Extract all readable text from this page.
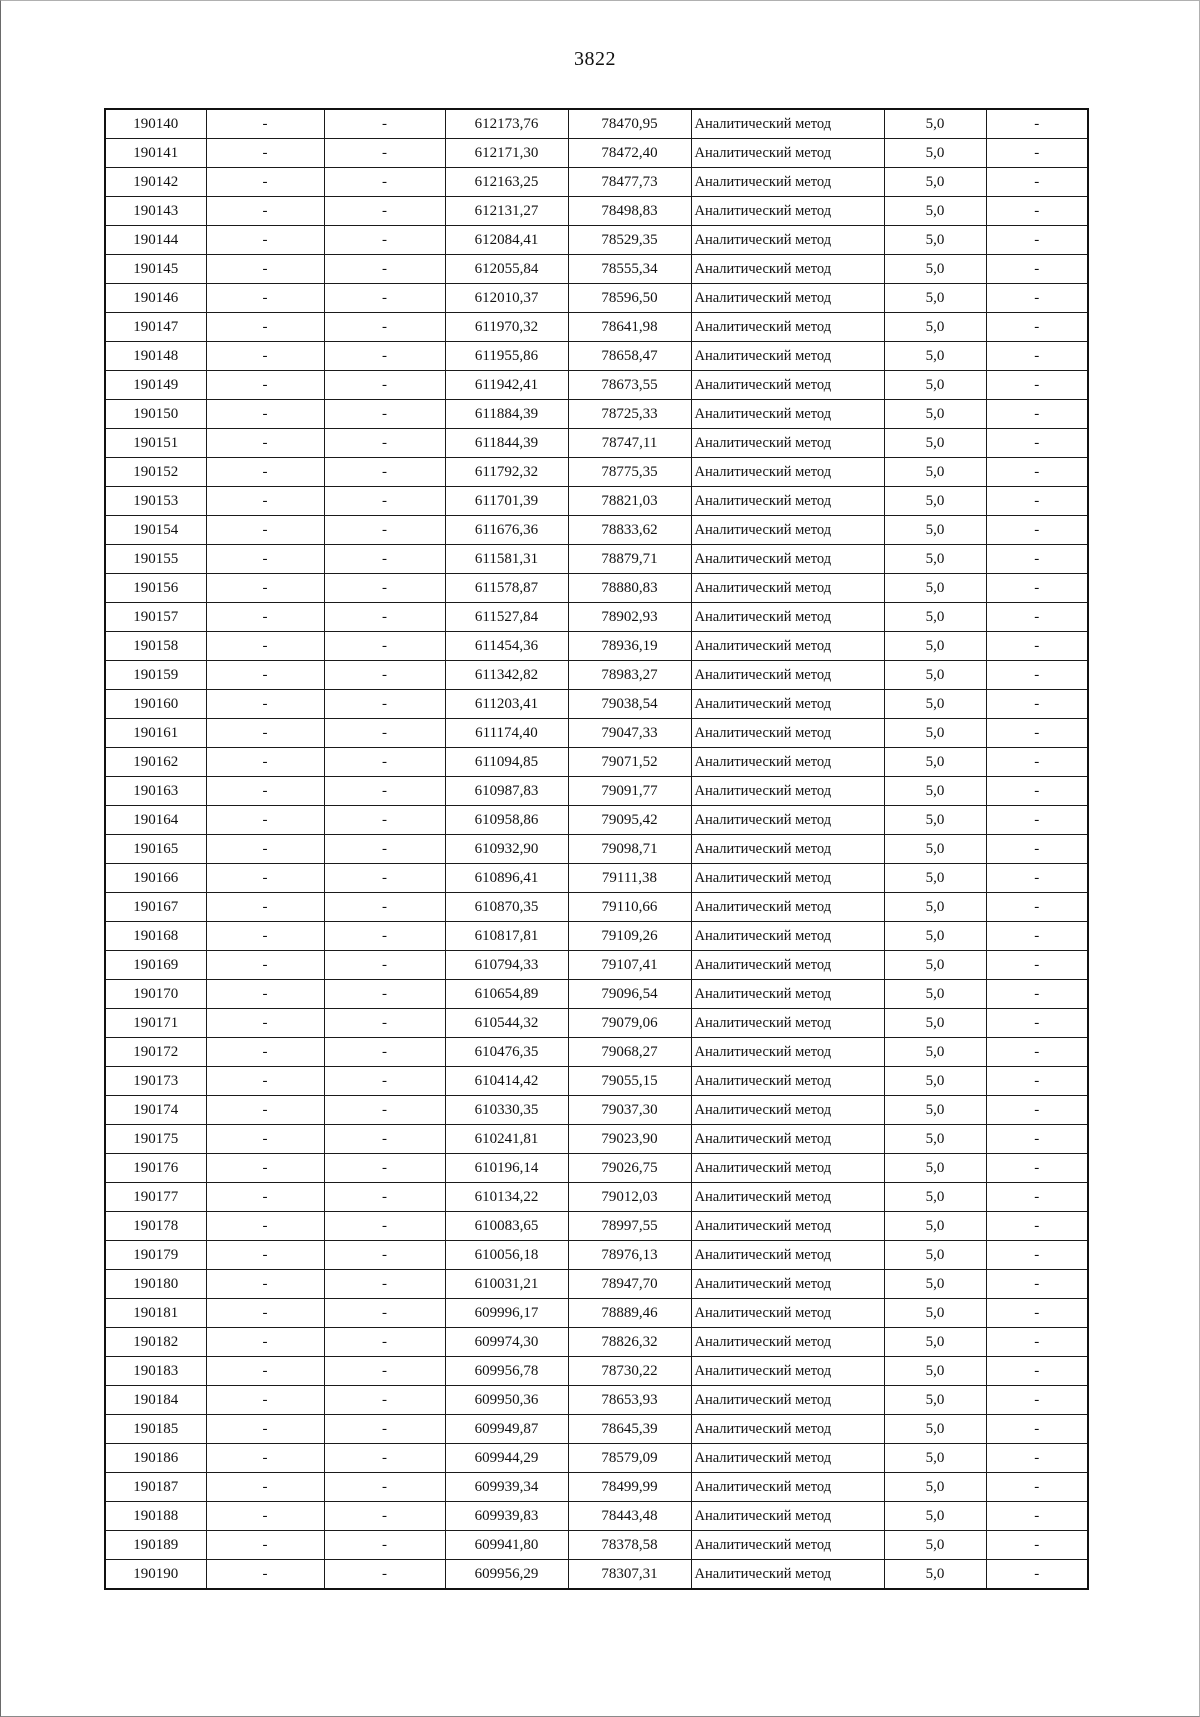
3822
190140	-	-	612173,76	78470,95	Аналитический метод	5,0	-
190141	-	-	612171,30	78472,40	Аналитический метод	5,0	-
190142	-	-	612163,25	78477,73	Аналитический метод	5,0	-
190143	-	-	612131,27	78498,83	Аналитический метод	5,0	-
190144	-	-	612084,41	78529,35	Аналитический метод	5,0	-
190145	-	-	612055,84	78555,34	Аналитический метод	5,0	-
190146	-	-	612010,37	78596,50	Аналитический метод	5,0	-
190147	-	-	611970,32	78641,98	Аналитический метод	5,0	-
190148	-	-	611955,86	78658,47	Аналитический метод	5,0	-
190149	-	-	611942,41	78673,55	Аналитический метод	5,0	-
190150	-	-	611884,39	78725,33	Аналитический метод	5,0	-
190151	-	-	611844,39	78747,11	Аналитический метод	5,0	-
190152	-	-	611792,32	78775,35	Аналитический метод	5,0	-
190153	-	-	611701,39	78821,03	Аналитический метод	5,0	-
190154	-	-	611676,36	78833,62	Аналитический метод	5,0	-
190155	-	-	611581,31	78879,71	Аналитический метод	5,0	-
190156	-	-	611578,87	78880,83	Аналитический метод	5,0	-
190157	-	-	611527,84	78902,93	Аналитический метод	5,0	-
190158	-	-	611454,36	78936,19	Аналитический метод	5,0	-
190159	-	-	611342,82	78983,27	Аналитический метод	5,0	-
190160	-	-	611203,41	79038,54	Аналитический метод	5,0	-
190161	-	-	611174,40	79047,33	Аналитический метод	5,0	-
190162	-	-	611094,85	79071,52	Аналитический метод	5,0	-
190163	-	-	610987,83	79091,77	Аналитический метод	5,0	-
190164	-	-	610958,86	79095,42	Аналитический метод	5,0	-
190165	-	-	610932,90	79098,71	Аналитический метод	5,0	-
190166	-	-	610896,41	79111,38	Аналитический метод	5,0	-
190167	-	-	610870,35	79110,66	Аналитический метод	5,0	-
190168	-	-	610817,81	79109,26	Аналитический метод	5,0	-
190169	-	-	610794,33	79107,41	Аналитический метод	5,0	-
190170	-	-	610654,89	79096,54	Аналитический метод	5,0	-
190171	-	-	610544,32	79079,06	Аналитический метод	5,0	-
190172	-	-	610476,35	79068,27	Аналитический метод	5,0	-
190173	-	-	610414,42	79055,15	Аналитический метод	5,0	-
190174	-	-	610330,35	79037,30	Аналитический метод	5,0	-
190175	-	-	610241,81	79023,90	Аналитический метод	5,0	-
190176	-	-	610196,14	79026,75	Аналитический метод	5,0	-
190177	-	-	610134,22	79012,03	Аналитический метод	5,0	-
190178	-	-	610083,65	78997,55	Аналитический метод	5,0	-
190179	-	-	610056,18	78976,13	Аналитический метод	5,0	-
190180	-	-	610031,21	78947,70	Аналитический метод	5,0	-
190181	-	-	609996,17	78889,46	Аналитический метод	5,0	-
190182	-	-	609974,30	78826,32	Аналитический метод	5,0	-
190183	-	-	609956,78	78730,22	Аналитический метод	5,0	-
190184	-	-	609950,36	78653,93	Аналитический метод	5,0	-
190185	-	-	609949,87	78645,39	Аналитический метод	5,0	-
190186	-	-	609944,29	78579,09	Аналитический метод	5,0	-
190187	-	-	609939,34	78499,99	Аналитический метод	5,0	-
190188	-	-	609939,83	78443,48	Аналитический метод	5,0	-
190189	-	-	609941,80	78378,58	Аналитический метод	5,0	-
190190	-	-	609956,29	78307,31	Аналитический метод	5,0	-
